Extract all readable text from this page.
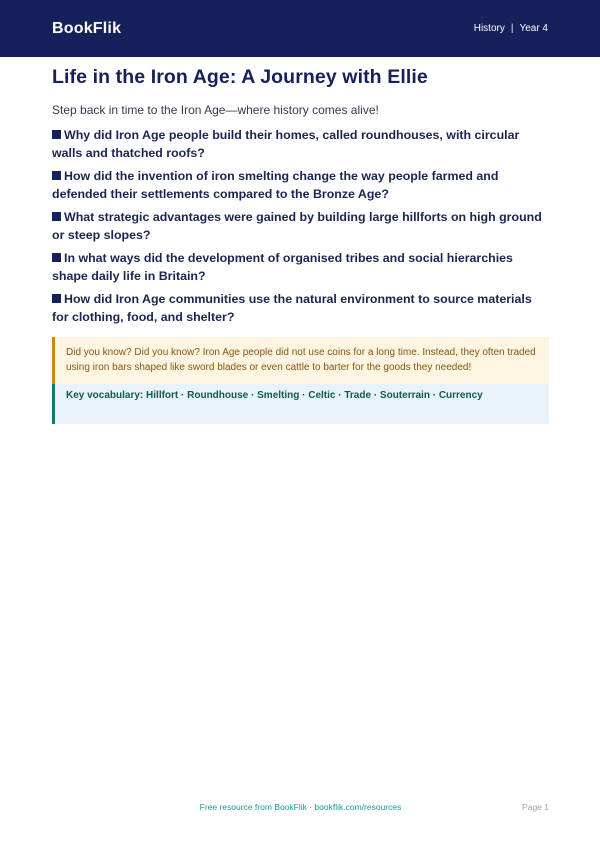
BookFlik	History | Year 4
Life in the Iron Age: A Journey with Ellie

Step back in time to the Iron Age—where history comes alive!

Why did Iron Age people build their homes, called roundhouses, with circular walls and thatched roofs?
How did the invention of iron smelting change the way people farmed and defended their settlements compared to the Bronze Age?
What strategic advantages were gained by building large hillforts on high ground or steep slopes?
In what ways did the development of organised tribes and social hierarchies shape daily life in Britain?
How did Iron Age communities use the natural environment to source materials for clothing, food, and shelter?
Did you know? Did you know? Iron Age people did not use coins for a long time. Instead, they often traded using iron bars shaped like sword blades or even cattle to barter for the goods they needed!
Key vocabulary: Hillfort · Roundhouse · Smelting · Celtic · Trade · Souterrain · Currency
Free resource from BookFlik · bookflik.com/resources	Page 1
